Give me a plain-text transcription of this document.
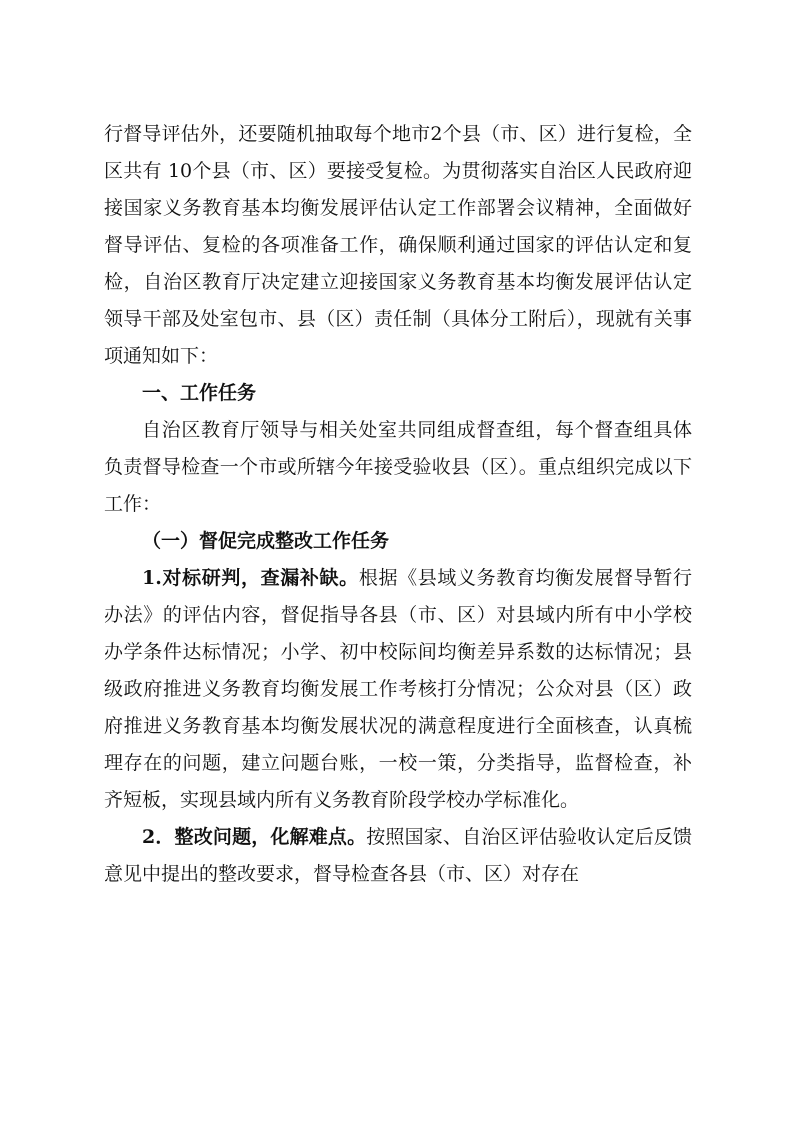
行督导评估外，还要随机抽取每个地市2个县（市、区）进行复检，全区共有 10个县（市、区）要接受复检。为贯彻落实自治区人民政府迎接国家义务教育基本均衡发展评估认定工作部署会议精神，全面做好督导评估、复检的各项准备工作，确保顺利通过国家的评估认定和复检，自治区教育厅决定建立迎接国家义务教育基本均衡发展评估认定领导干部及处室包市、县（区）责任制（具体分工附后），现就有关事项通知如下：

一、工作任务

自治区教育厅领导与相关处室共同组成督查组，每个督查组具体负责督导检查一个市或所辖今年接受验收县（区）。重点组织完成以下工作：

（一）督促完成整改工作任务

1.对标研判，查漏补缺。根据《县域义务教育均衡发展督导暂行办法》的评估内容，督促指导各县（市、区）对县域内所有中小学校办学条件达标情况；小学、初中校际间均衡差异系数的达标情况；县级政府推进义务教育均衡发展工作考核打分情况；公众对县（区）政府推进义务教育基本均衡发展状况的满意程度进行全面核查，认真梳理存在的问题，建立问题台账，一校一策，分类指导，监督检查，补齐短板，实现县域内所有义务教育阶段学校办学标准化。

2．整改问题，化解难点。按照国家、自治区评估验收认定后反馈意见中提出的整改要求，督导检查各县（市、区）对存在
